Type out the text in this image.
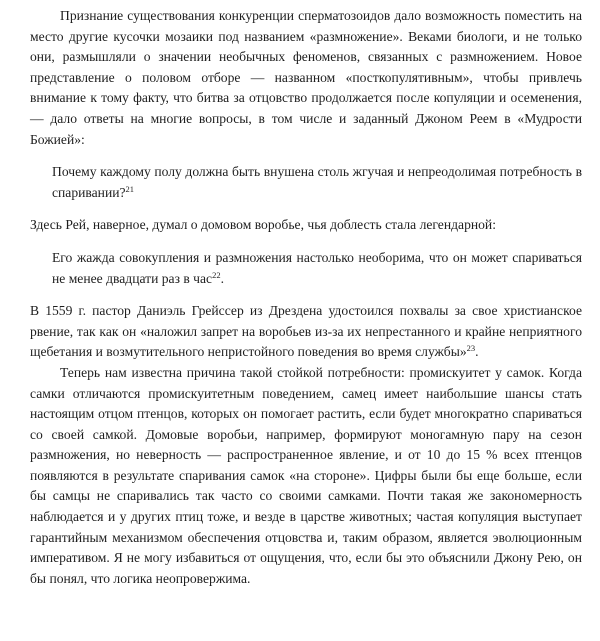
Признание существования конкуренции сперматозоидов дало возможность поместить на место другие кусочки мозаики под названием «размножение». Веками биологи, и не только они, размышляли о значении необычных феноменов, связанных с размножением. Новое представление о половом отборе — названном «посткопулятивным», чтобы привлечь внимание к тому факту, что битва за отцовство продолжается после копуляции и осеменения, — дало ответы на многие вопросы, в том числе и заданный Джоном Реем в «Мудрости Божией»:

Почему каждому полу должна быть внушена столь жгучая и непреодолимая потребность в спаривании?$^{21}$

Здесь Рей, наверное, думал о домовом воробье, чья доблесть стала легендарной:

Его жажда совокупления и размножения настолько необорима, что он может спариваться не менее двадцати раз в час$^{22}$.

В 1559 г. пастор Даниэль Грейссер из Дрездена удостоился похвалы за свое христианское рвение, так как он «наложил запрет на воробьев из-за их непрестанного и крайне неприятного щебетания и возмутительного непристойного поведения во время службы»$^{23}$.

Теперь нам известна причина такой стойкой потребности: промискуитет у самок. Когда самки отличаются промискуитетным поведением, самец имеет наибольшие шансы стать настоящим отцом птенцов, которых он помогает растить, если будет многократно спариваться со своей самкой. Домовые воробьи, например, формируют моногамную пару на сезон размножения, но неверность — распространенное явление, и от 10 до 15 % всех птенцов появляются в результате спаривания самок «на стороне». Цифры были бы еще больше, если бы самцы не спаривались так часто со своими самками. Почти такая же закономерность наблюдается и у других птиц тоже, и везде в царстве животных; частая копуляция выступает гарантийным механизмом обеспечения отцовства и, таким образом, является эволюционным императивом. Я не могу избавиться от ощущения, что, если бы это объяснили Джону Рею, он бы понял, что логика неопровержима.
